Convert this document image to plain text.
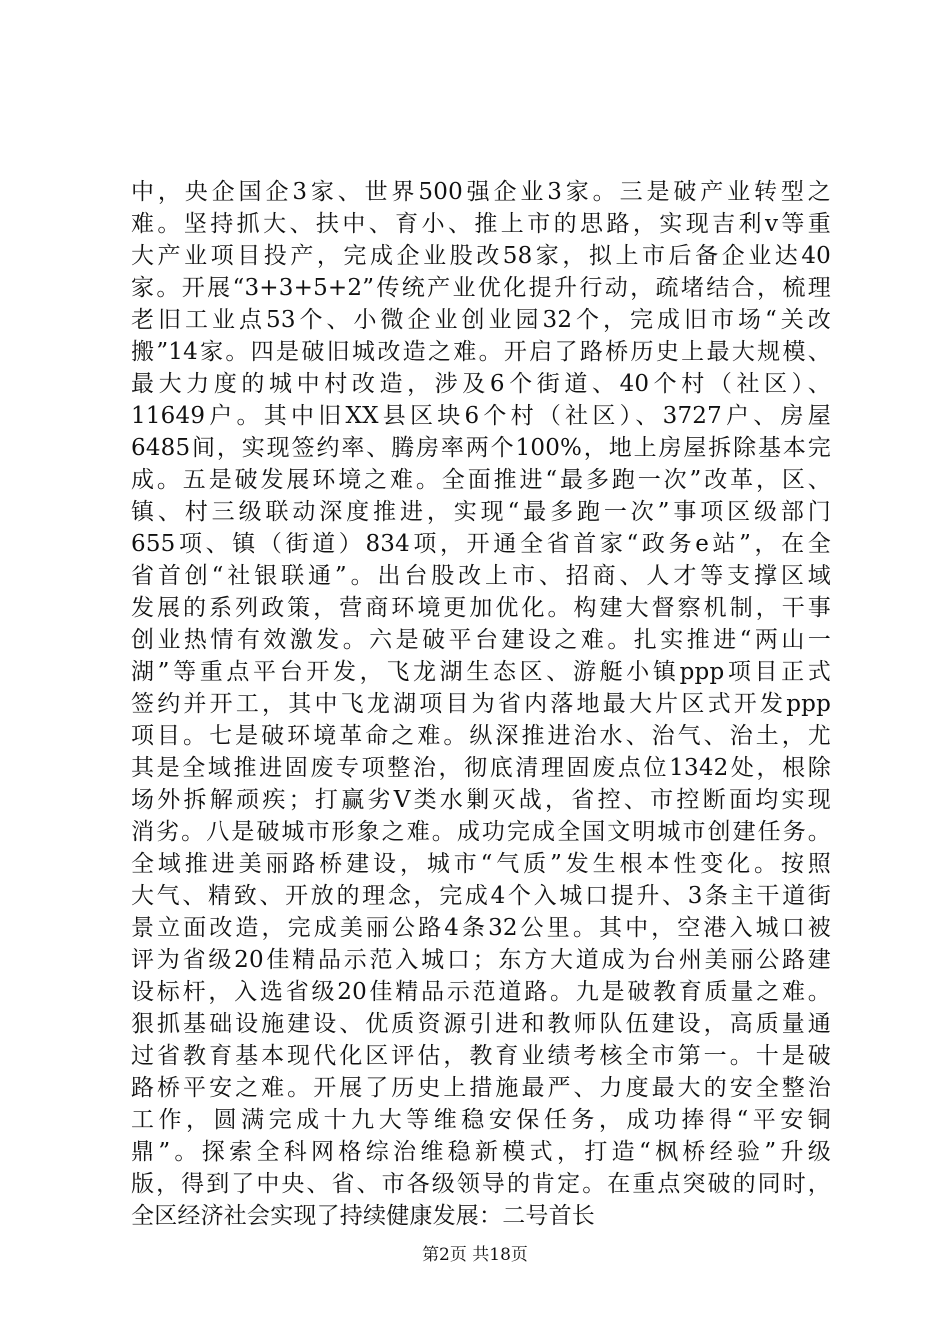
中，央企国企3家、世界500强企业3家。三是破产业转型之
难。坚持抓大、扶中、育小、推上市的思路，实现吉利v等重
大产业项目投产，完成企业股改58家，拟上市后备企业达40
家。开展“3+3+5+2”传统产业优化提升行动，疏堵结合，梳理
老旧工业点53个、小微企业创业园32个，完成旧市场“关改
搬”14家。四是破旧城改造之难。开启了路桥历史上最大规模、
最大力度的城中村改造，涉及6个街道、40个村（社区）、
11649户。其中旧XX县区块6个村（社区）、3727户、房屋
6485间，实现签约率、腾房率两个100%，地上房屋拆除基本完
成。五是破发展环境之难。全面推进“最多跑一次”改革，区、
镇、村三级联动深度推进，实现“最多跑一次”事项区级部门
655项、镇（街道）834项，开通全省首家“政务e站”，在全
省首创“社银联通”。出台股改上市、招商、人才等支撑区域
发展的系列政策，营商环境更加优化。构建大督察机制，干事
创业热情有效激发。六是破平台建设之难。扎实推进“两山一
湖”等重点平台开发，飞龙湖生态区、游艇小镇ppp项目正式
签约并开工，其中飞龙湖项目为省内落地最大片区式开发ppp
项目。七是破环境革命之难。纵深推进治水、治气、治土，尤
其是全域推进固废专项整治，彻底清理固废点位1342处，根除
场外拆解顽疾；打赢劣V类水剿灭战，省控、市控断面均实现
消劣。八是破城市形象之难。成功完成全国文明城市创建任务。
全域推进美丽路桥建设，城市“气质”发生根本性变化。按照
大气、精致、开放的理念，完成4个入城口提升、3条主干道街
景立面改造，完成美丽公路4条32公里。其中，空港入城口被
评为省级20佳精品示范入城口；东方大道成为台州美丽公路建
设标杆，入选省级20佳精品示范道路。九是破教育质量之难。
狠抓基础设施建设、优质资源引进和教师队伍建设，高质量通
过省教育基本现代化区评估，教育业绩考核全市第一。十是破
路桥平安之难。开展了历史上措施最严、力度最大的安全整治
工作，圆满完成十九大等维稳安保任务，成功捧得“平安铜
鼎”。探索全科网格综治维稳新模式，打造“枫桥经验”升级
版，得到了中央、省、市各级领导的肯定。在重点突破的同时，
全区经济社会实现了持续健康发展：二号首长
第2页 共18页
